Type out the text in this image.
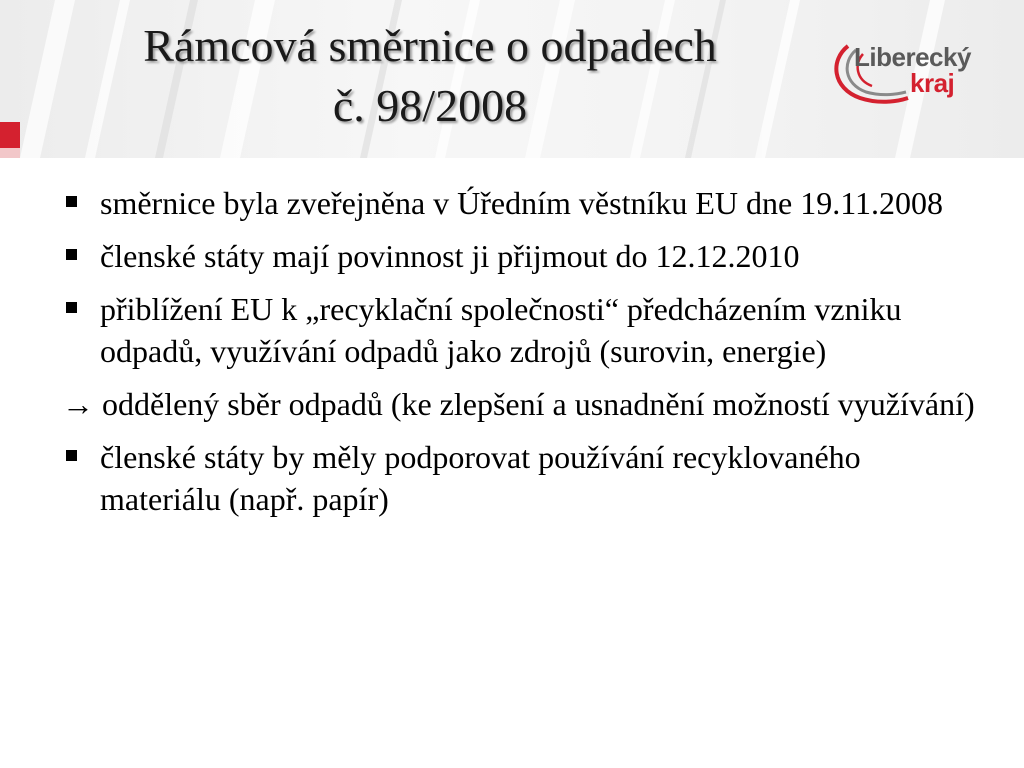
Rámcová směrnice o odpadech
č. 98/2008
Liberecký
kraj
směrnice byla zveřejněna v Úředním věstníku EU dne 19.11.2008
členské státy mají povinnost ji přijmout do 12.12.2010
přiblížení EU k „recyklační společnosti“ předcházením vzniku odpadů, využívání odpadů jako zdrojů (surovin, energie)
→ oddělený sběr odpadů (ke zlepšení a usnadnění možností využívání)
členské státy by měly podporovat používání recyklovaného materiálu (např. papír)
